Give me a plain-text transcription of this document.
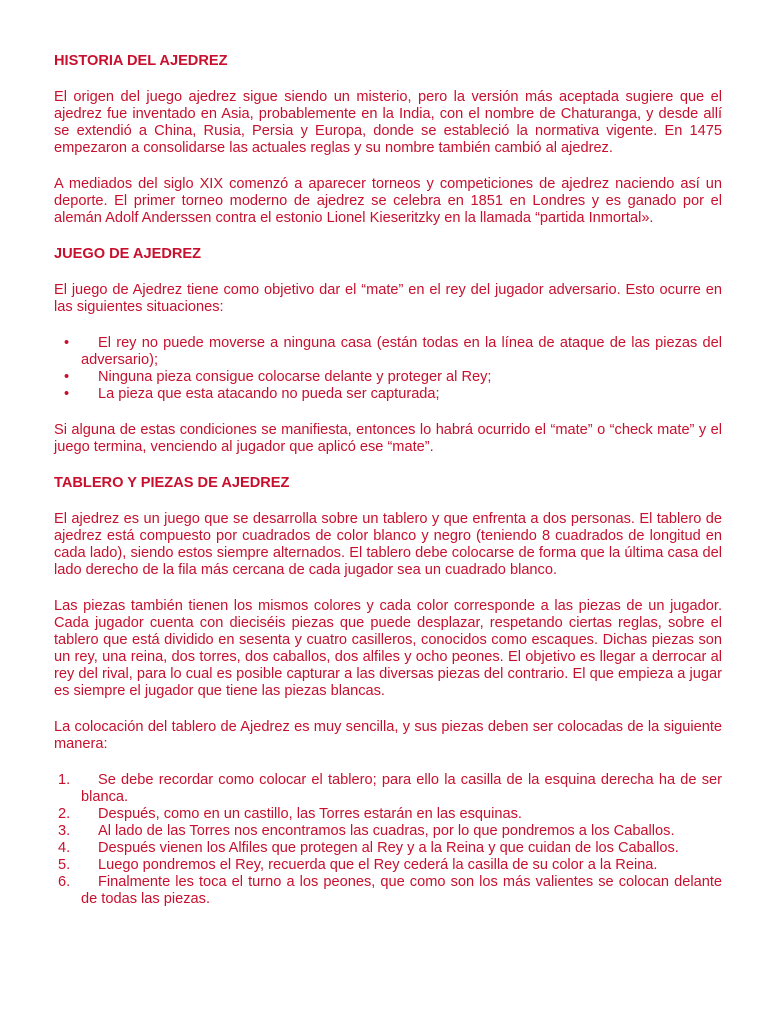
HISTORIA DEL AJEDREZ

El origen del juego ajedrez sigue siendo un misterio, pero la versión más aceptada sugiere que el ajedrez fue inventado en Asia, probablemente en la India, con el nombre de Chaturanga, y desde allí se extendió a China, Rusia, Persia y Europa, donde se estableció la normativa vigente. En 1475 empezaron a consolidarse las actuales reglas y su nombre también cambió al ajedrez.

A mediados del siglo XIX comenzó a aparecer torneos y competiciones de ajedrez naciendo así un deporte. El primer torneo moderno de ajedrez se celebra en 1851 en Londres y es ganado por el alemán Adolf Anderssen contra el estonio Lionel Kieseritzky en la llamada “partida Inmortal».

JUEGO DE AJEDREZ

El juego de Ajedrez tiene como objetivo dar el “mate” en el rey del jugador adversario. Esto ocurre en las siguientes situaciones:

• El rey no puede moverse a ninguna casa (están todas en la línea de ataque de las piezas del adversario);
• Ninguna pieza consigue colocarse delante y proteger al Rey;
• La pieza que esta atacando no pueda ser capturada;

Si alguna de estas condiciones se manifiesta, entonces lo habrá ocurrido el “mate” o “check mate” y el juego termina, venciendo al jugador que aplicó ese “mate”.

TABLERO Y PIEZAS DE AJEDREZ

El ajedrez es un juego que se desarrolla sobre un tablero y que enfrenta a dos personas. El tablero de ajedrez está compuesto por cuadrados de color blanco y negro (teniendo 8 cuadrados de longitud en cada lado), siendo estos siempre alternados. El tablero debe colocarse de forma que la última casa del lado derecho de la fila más cercana de cada jugador sea un cuadrado blanco.

Las piezas también tienen los mismos colores y cada color corresponde a las piezas de un jugador. Cada jugador cuenta con dieciséis piezas que puede desplazar, respetando ciertas reglas, sobre el tablero que está dividido en sesenta y cuatro casilleros, conocidos como escaques. Dichas piezas son un rey, una reina, dos torres, dos caballos, dos alfiles y ocho peones. El objetivo es llegar a derrocar al rey del rival, para lo cual es posible capturar a las diversas piezas del contrario. El que empieza a jugar es siempre el jugador que tiene las piezas blancas.

La colocación del tablero de Ajedrez es muy sencilla, y sus piezas deben ser colocadas de la siguiente manera:

1. Se debe recordar como colocar el tablero; para ello la casilla de la esquina derecha ha de ser blanca.
2. Después, como en un castillo, las Torres estarán en las esquinas.
3. Al lado de las Torres nos encontramos las cuadras, por lo que pondremos a los Caballos.
4. Después vienen los Alfiles que protegen al Rey y a la Reina y que cuidan de los Caballos.
5. Luego pondremos el Rey, recuerda que el Rey cederá la casilla de su color a la Reina.
6. Finalmente les toca el turno a los peones, que como son los más valientes se colocan delante de todas las piezas.
